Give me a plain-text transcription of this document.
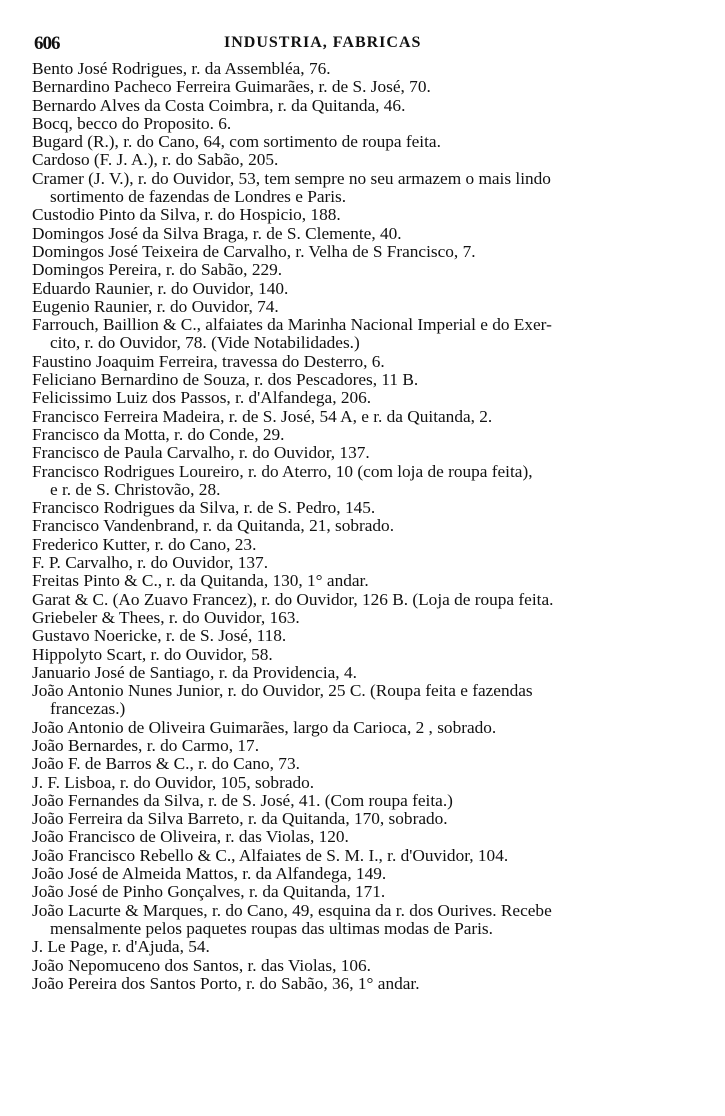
606	INDUSTRIA, FABRICAS
Bento José Rodrigues, r. da Assembléa, 76.
Bernardino Pacheco Ferreira Guimarães, r. de S. José, 70.
Bernardo Alves da Costa Coimbra, r. da Quitanda, 46.
Bocq, becco do Proposito. 6.
Bugard (R.), r. do Cano, 64, com sortimento de roupa feita.
Cardoso (F. J. A.), r. do Sabão, 205.
Cramer (J. V.), r. do Ouvidor, 53, tem sempre no seu armazem o mais lindo
sortimento de fazendas de Londres e Paris.
Custodio Pinto da Silva, r. do Hospicio, 188.
Domingos José da Silva Braga, r. de S. Clemente, 40.
Domingos José Teixeira de Carvalho, r. Velha de S Francisco, 7.
Domingos Pereira, r. do Sabão, 229.
Eduardo Raunier, r. do Ouvidor, 140.
Eugenio Raunier, r. do Ouvidor, 74.
Farrouch, Baillion & C., alfaiates da Marinha Nacional Imperial e do Exer-
cito, r. do Ouvidor, 78. (Vide Notabilidades.)
Faustino Joaquim Ferreira, travessa do Desterro, 6.
Feliciano Bernardino de Souza, r. dos Pescadores, 11 B.
Felicissimo Luiz dos Passos, r. d'Alfandega, 206.
Francisco Ferreira Madeira, r. de S. José, 54 A, e r. da Quitanda, 2.
Francisco da Motta, r. do Conde, 29.
Francisco de Paula Carvalho, r. do Ouvidor, 137.
Francisco Rodrigues Loureiro, r. do Aterro, 10 (com loja de roupa feita),
e r. de S. Christovão, 28.
Francisco Rodrigues da Silva, r. de S. Pedro, 145.
Francisco Vandenbrand, r. da Quitanda, 21, sobrado.
Frederico Kutter, r. do Cano, 23.
F. P. Carvalho, r. do Ouvidor, 137.
Freitas Pinto & C., r. da Quitanda, 130, 1° andar.
Garat & C. (Ao Zuavo Francez), r. do Ouvidor, 126 B. (Loja de roupa feita.
Griebeler & Thees, r. do Ouvidor, 163.
Gustavo Noericke, r. de S. José, 118.
Hippolyto Scart, r. do Ouvidor, 58.
Januario José de Santiago, r. da Providencia, 4.
João Antonio Nunes Junior, r. do Ouvidor, 25 C. (Roupa feita e fazendas
francezas.)
João Antonio de Oliveira Guimarães, largo da Carioca, 2 , sobrado.
João Bernardes, r. do Carmo, 17.
João F. de Barros & C., r. do Cano, 73.
J. F. Lisboa, r. do Ouvidor, 105, sobrado.
João Fernandes da Silva, r. de S. José, 41. (Com roupa feita.)
João Ferreira da Silva Barreto, r. da Quitanda, 170, sobrado.
João Francisco de Oliveira, r. das Violas, 120.
João Francisco Rebello & C., Alfaiates de S. M. I., r. d'Ouvidor, 104.
João José de Almeida Mattos, r. da Alfandega, 149.
João José de Pinho Gonçalves, r. da Quitanda, 171.
João Lacurte & Marques, r. do Cano, 49, esquina da r. dos Ourives. Recebe
mensalmente pelos paquetes roupas das ultimas modas de Paris.
J. Le Page, r. d'Ajuda, 54.
João Nepomuceno dos Santos, r. das Violas, 106.
João Pereira dos Santos Porto, r. do Sabão, 36, 1° andar.
